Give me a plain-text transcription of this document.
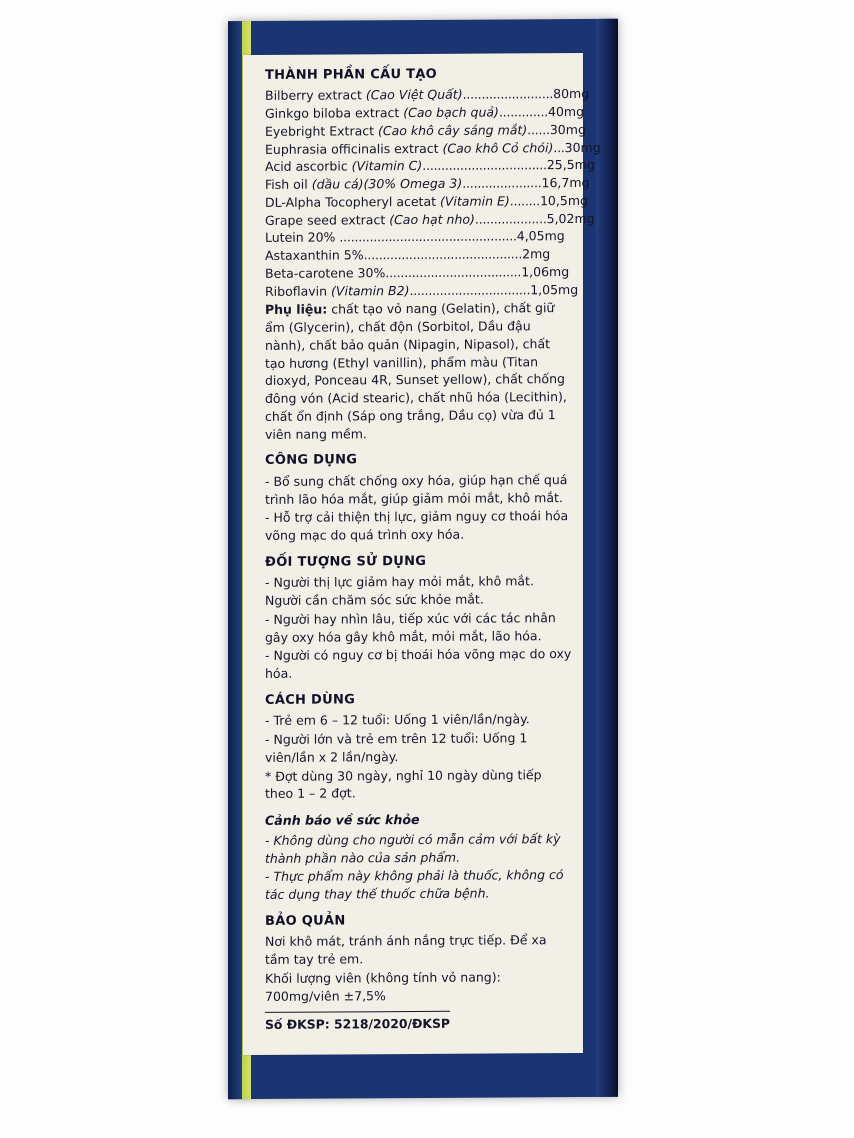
THÀNH PHẦN CẤU TẠO
Bilberry extract (Cao Việt Quất)........................80mg
Ginkgo biloba extract (Cao bạch quả).............40mg
Eyebright Extract (Cao khô cây sáng mắt)......30mg
Euphrasia officinalis extract (Cao khô Cỏ chói)...30mg
Acid ascorbic (Vitamin C).................................25,5mg
Fish oil (dầu cá)(30% Omega 3).....................16,7mg
DL-Alpha Tocopheryl acetat (Vitamin E)........10,5mg
Grape seed extract (Cao hạt nho)...................5,02mg
Lutein 20% ...............................................4,05mg
Astaxanthin 5%..........................................2mg
Beta-carotene 30%....................................1,06mg
Riboflavin (Vitamin B2)................................1,05mg

Phụ liệu: chất tạo vỏ nang (Gelatin), chất giữ ẩm (Glycerin), chất độn (Sorbitol, Dầu đậu nành), chất bảo quản (Nipagin, Nipasol), chất tạo hương (Ethyl vanillin), phẩm màu (Titan dioxyd, Ponceau 4R, Sunset yellow), chất chống đông vón (Acid stearic), chất nhũ hóa (Lecithin), chất ổn định (Sáp ong trắng, Dầu cọ) vừa đủ 1 viên nang mềm.

CÔNG DỤNG

- Bổ sung chất chống oxy hóa, giúp hạn chế quá trình lão hóa mắt, giúp giảm mỏi mắt, khô mắt.

- Hỗ trợ cải thiện thị lực, giảm nguy cơ thoái hóa võng mạc do quá trình oxy hóa.

ĐỐI TƯỢNG SỬ DỤNG

- Người thị lực giảm hay mỏi mắt, khô mắt. Người cần chăm sóc sức khỏe mắt.

- Người hay nhìn lâu, tiếp xúc với các tác nhân gây oxy hóa gây khô mắt, mỏi mắt, lão hóa.

- Người có nguy cơ bị thoái hóa võng mạc do oxy hóa.

CÁCH DÙNG

- Trẻ em 6 – 12 tuổi: Uống 1 viên/lần/ngày.

- Người lớn và trẻ em trên 12 tuổi: Uống 1 viên/lần x 2 lần/ngày.

* Đợt dùng 30 ngày, nghỉ 10 ngày dùng tiếp theo 1 – 2 đợt.

Cảnh báo về sức khỏe

- Không dùng cho người có mẫn cảm với bất kỳ thành phần nào của sản phẩm.

- Thực phẩm này không phải là thuốc, không có tác dụng thay thế thuốc chữa bệnh.

BẢO QUẢN

Nơi khô mát, tránh ánh nắng trực tiếp. Để xa tầm tay trẻ em.

Khối lượng viên (không tính vỏ nang): 700mg/viên ±7,5%

Số ĐKSP: 5218/2020/ĐKSP
